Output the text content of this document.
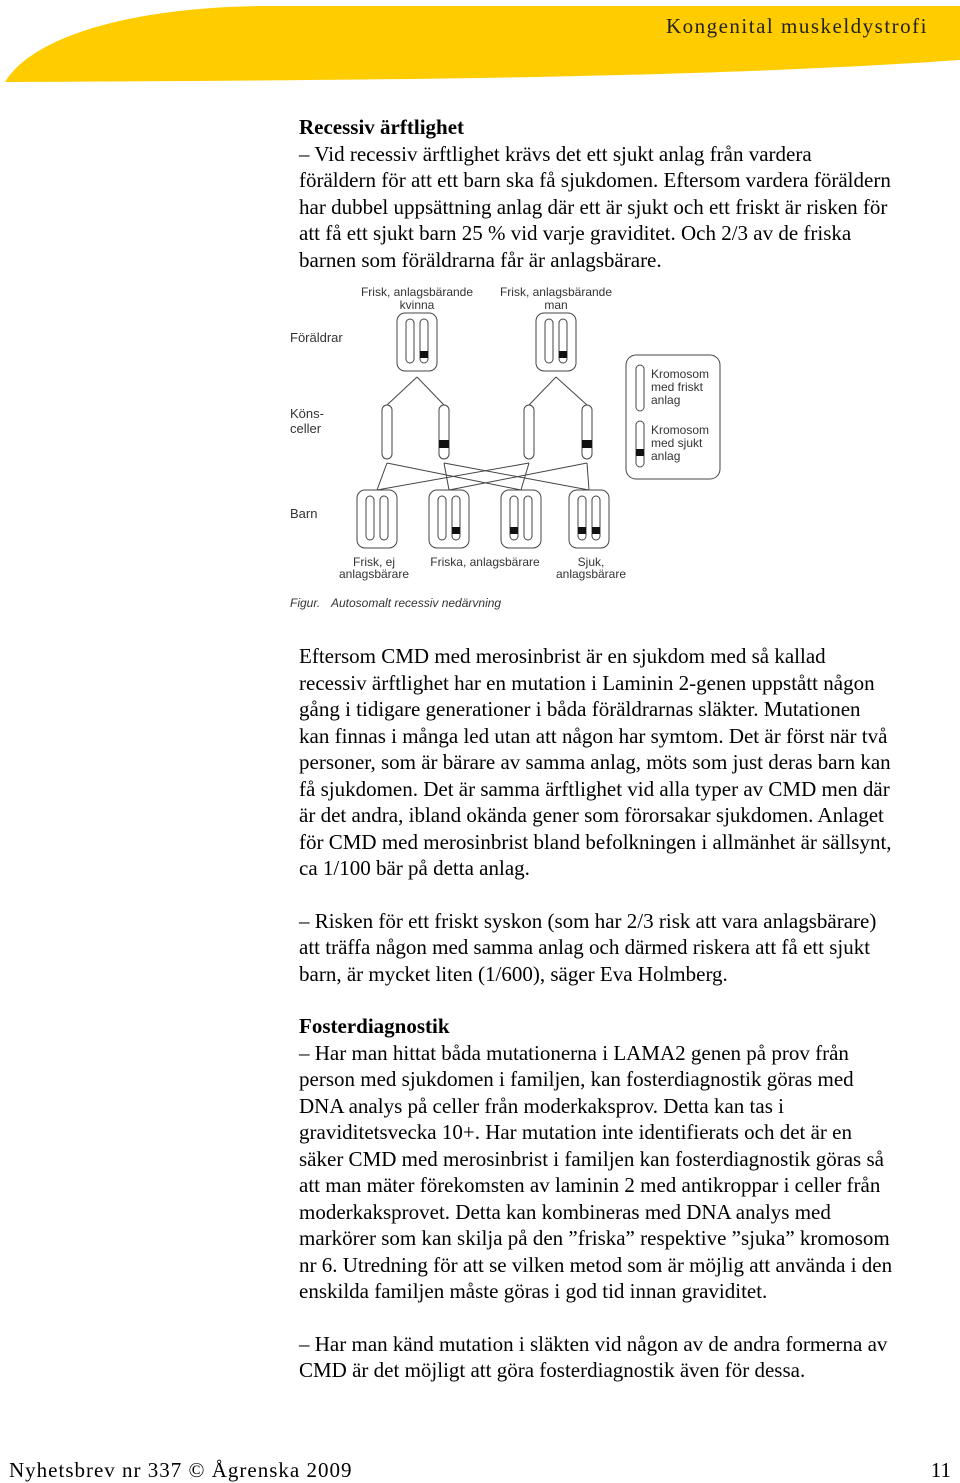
Kongenital muskeldystrofi

Recessiv ärftlighet

– Vid recessiv ärftlighet krävs det ett sjukt anlag från vardera

föräldern för att ett barn ska få sjukdomen. Eftersom vardera föräldern

har dubbel uppsättning anlag där ett är sjukt och ett friskt är risken för

att få ett sjukt barn 25 % vid varje graviditet. Och 2/3 av de friska

barnen som föräldrarna får är anlagsbärare.

Frisk, anlagsbärande
kvinna
Frisk, anlagsbärande
man
Föräldrar
Köns-
celler
Barn
Kromosom
med friskt
anlag
Kromosom
med sjukt
anlag
Frisk, ej
anlagsbärare
Friska, anlagsbärare	Sjuk,
anlagsbärare
Figur. Autosomalt recessiv nedärvning

Eftersom CMD med merosinbrist är en sjukdom med så kallad

recessiv ärftlighet har en mutation i Laminin 2-genen uppstått någon

gång i tidigare generationer i båda föräldrarnas släkter. Mutationen

kan finnas i många led utan att någon har symtom. Det är först när två

personer, som är bärare av samma anlag, möts som just deras barn kan

få sjukdomen. Det är samma ärftlighet vid alla typer av CMD men där

är det andra, ibland okända gener som förorsakar sjukdomen. Anlaget

för CMD med merosinbrist bland befolkningen i allmänhet är sällsynt,

ca 1/100 bär på detta anlag.

– Risken för ett friskt syskon (som har 2/3 risk att vara anlagsbärare)

att träffa någon med samma anlag och därmed riskera att få ett sjukt

barn, är mycket liten (1/600), säger Eva Holmberg.

Fosterdiagnostik

– Har man hittat båda mutationerna i LAMA2 genen på prov från

person med sjukdomen i familjen, kan fosterdiagnostik göras med

DNA analys på celler från moderkaksprov. Detta kan tas i

graviditetsvecka 10+. Har mutation inte identifierats och det är en

säker CMD med merosinbrist i familjen kan fosterdiagnostik göras så

att man mäter förekomsten av laminin 2 med antikroppar i celler från

moderkaksprovet. Detta kan kombineras med DNA analys med

markörer som kan skilja på den ”friska” respektive ”sjuka” kromosom

nr 6. Utredning för att se vilken metod som är möjlig att använda i den

enskilda familjen måste göras i god tid innan graviditet.

– Har man känd mutation i släkten vid någon av de andra formerna av

CMD är det möjligt att göra fosterdiagnostik även för dessa.

Nyhetsbrev nr 337 © Ågrenska 2009	11
